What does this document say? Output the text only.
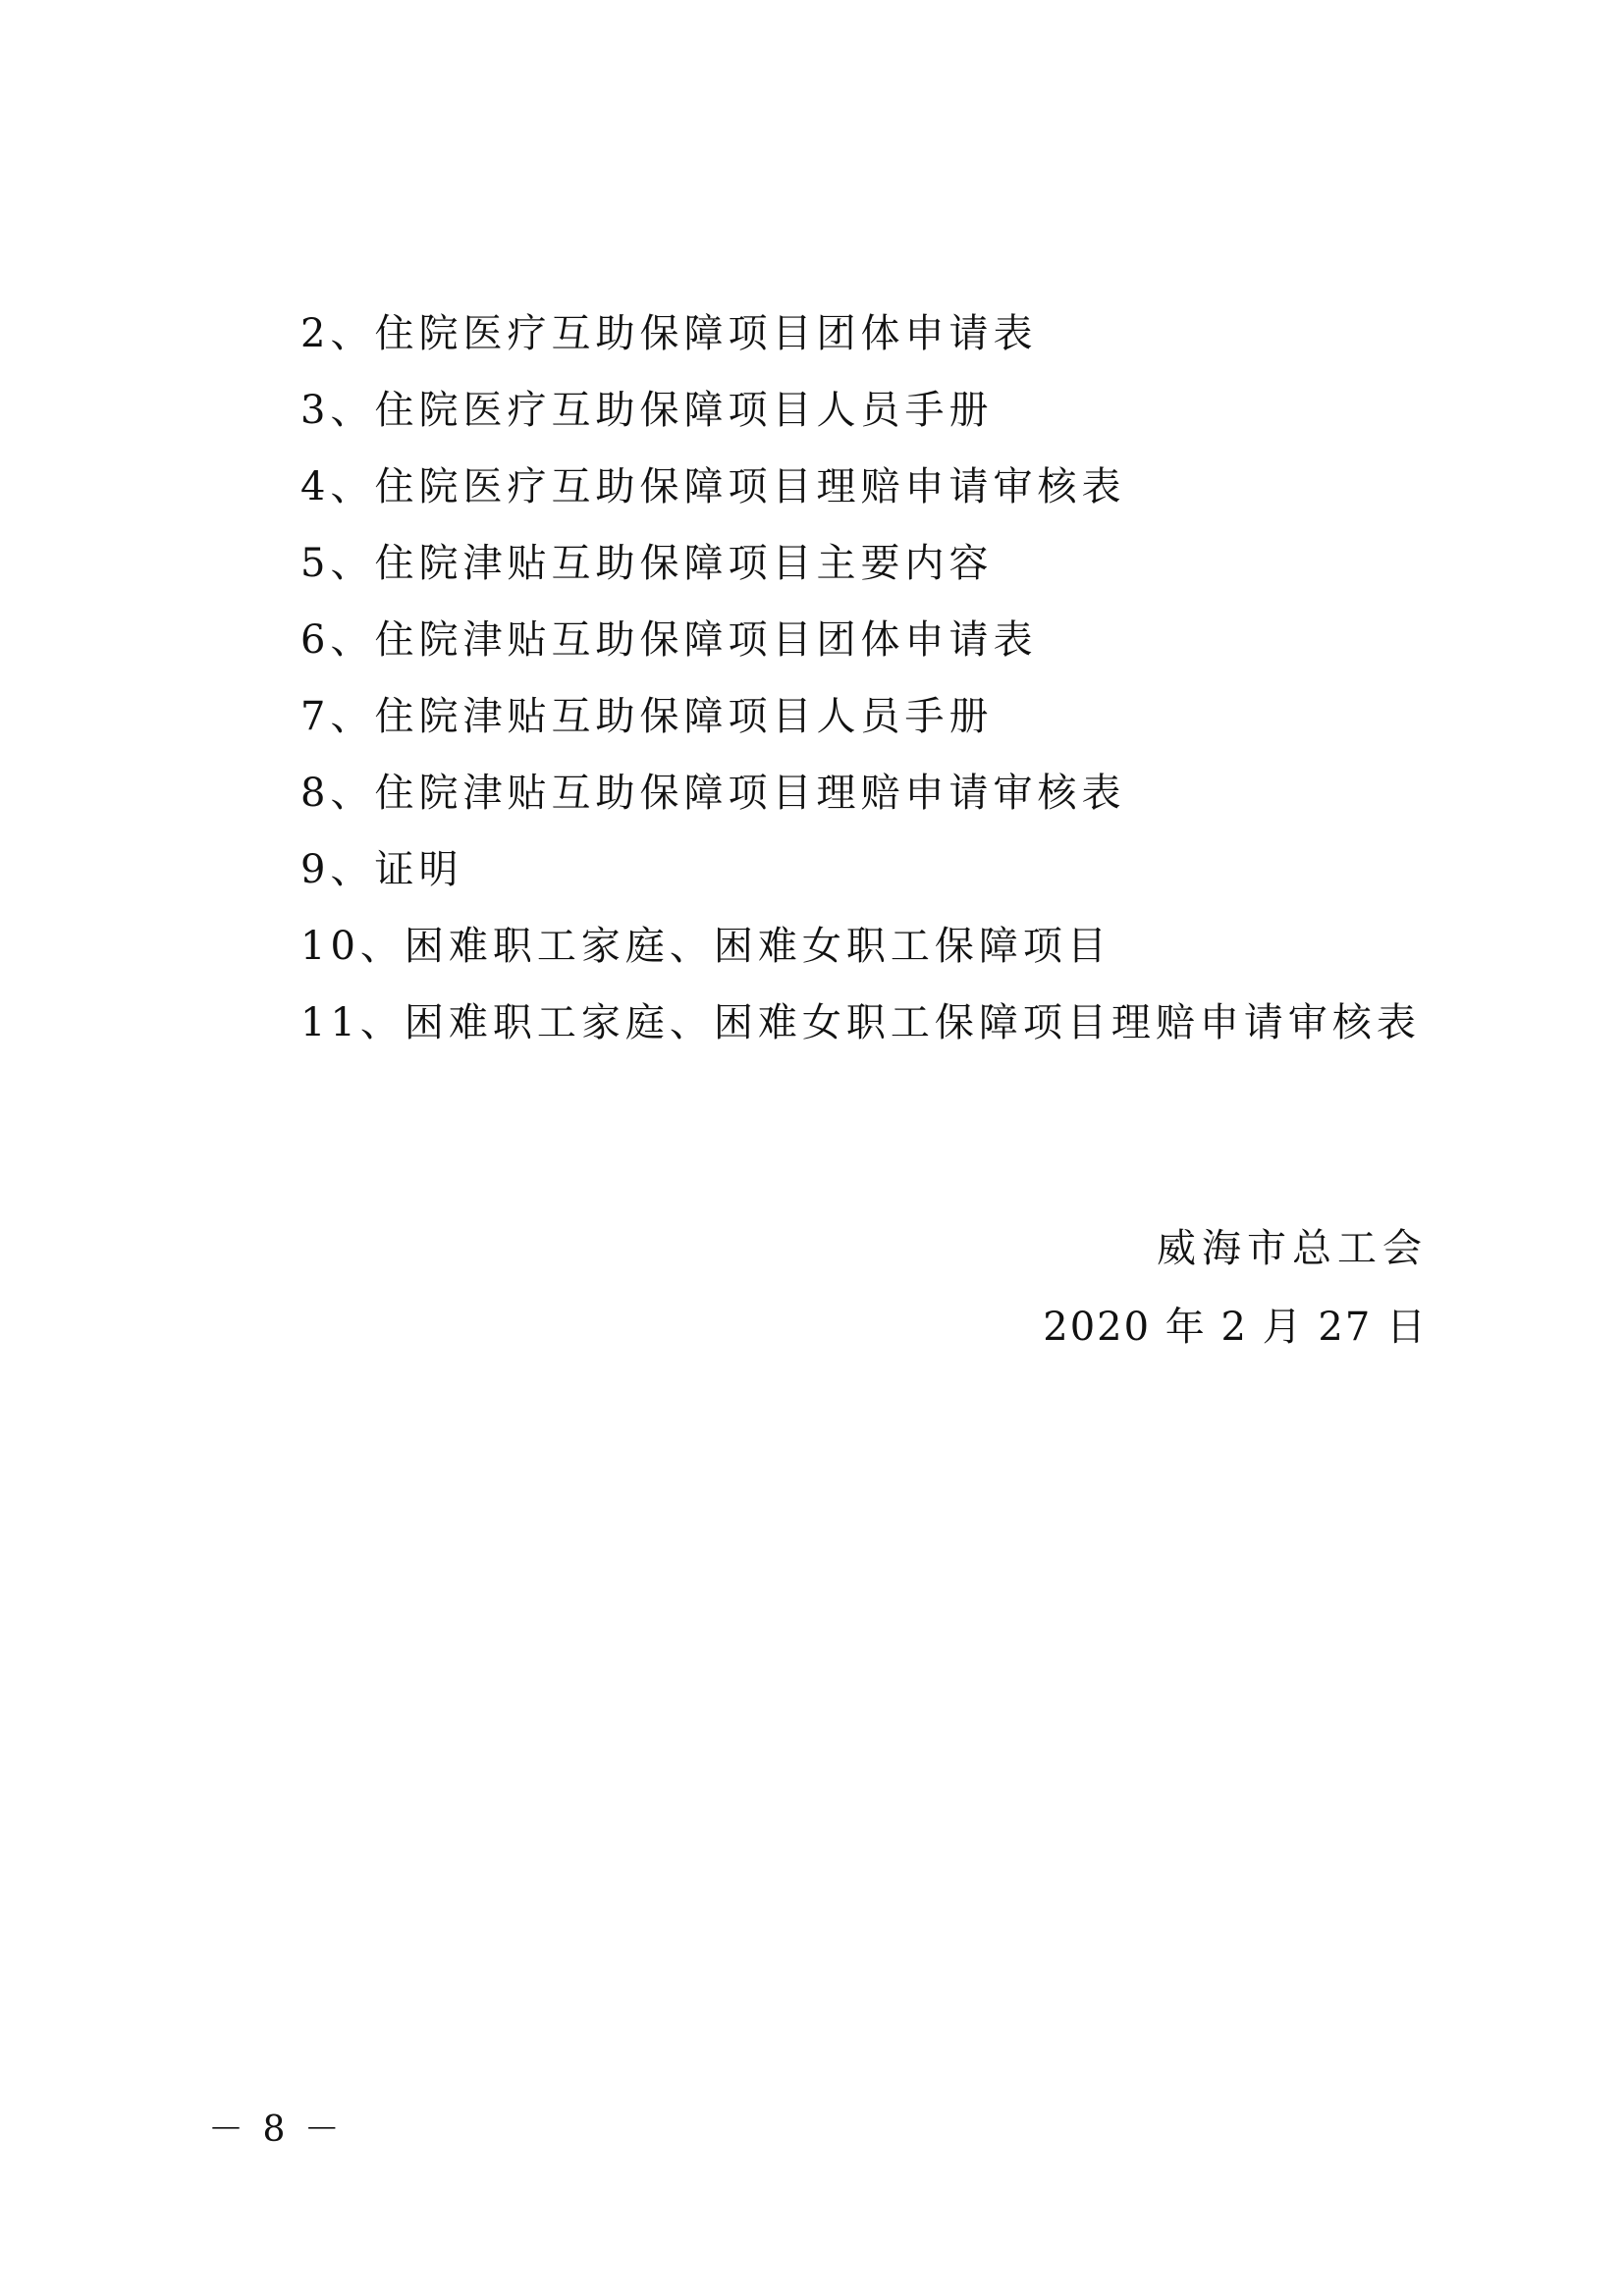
2、住院医疗互助保障项目团体申请表
3、住院医疗互助保障项目人员手册
4、住院医疗互助保障项目理赔申请审核表
5、住院津贴互助保障项目主要内容
6、住院津贴互助保障项目团体申请表
7、住院津贴互助保障项目人员手册
8、住院津贴互助保障项目理赔申请审核表
9、证明
10、困难职工家庭、困难女职工保障项目
11、困难职工家庭、困难女职工保障项目理赔申请审核表
威海市总工会
2020 年 2 月 27 日
－ 8 －
